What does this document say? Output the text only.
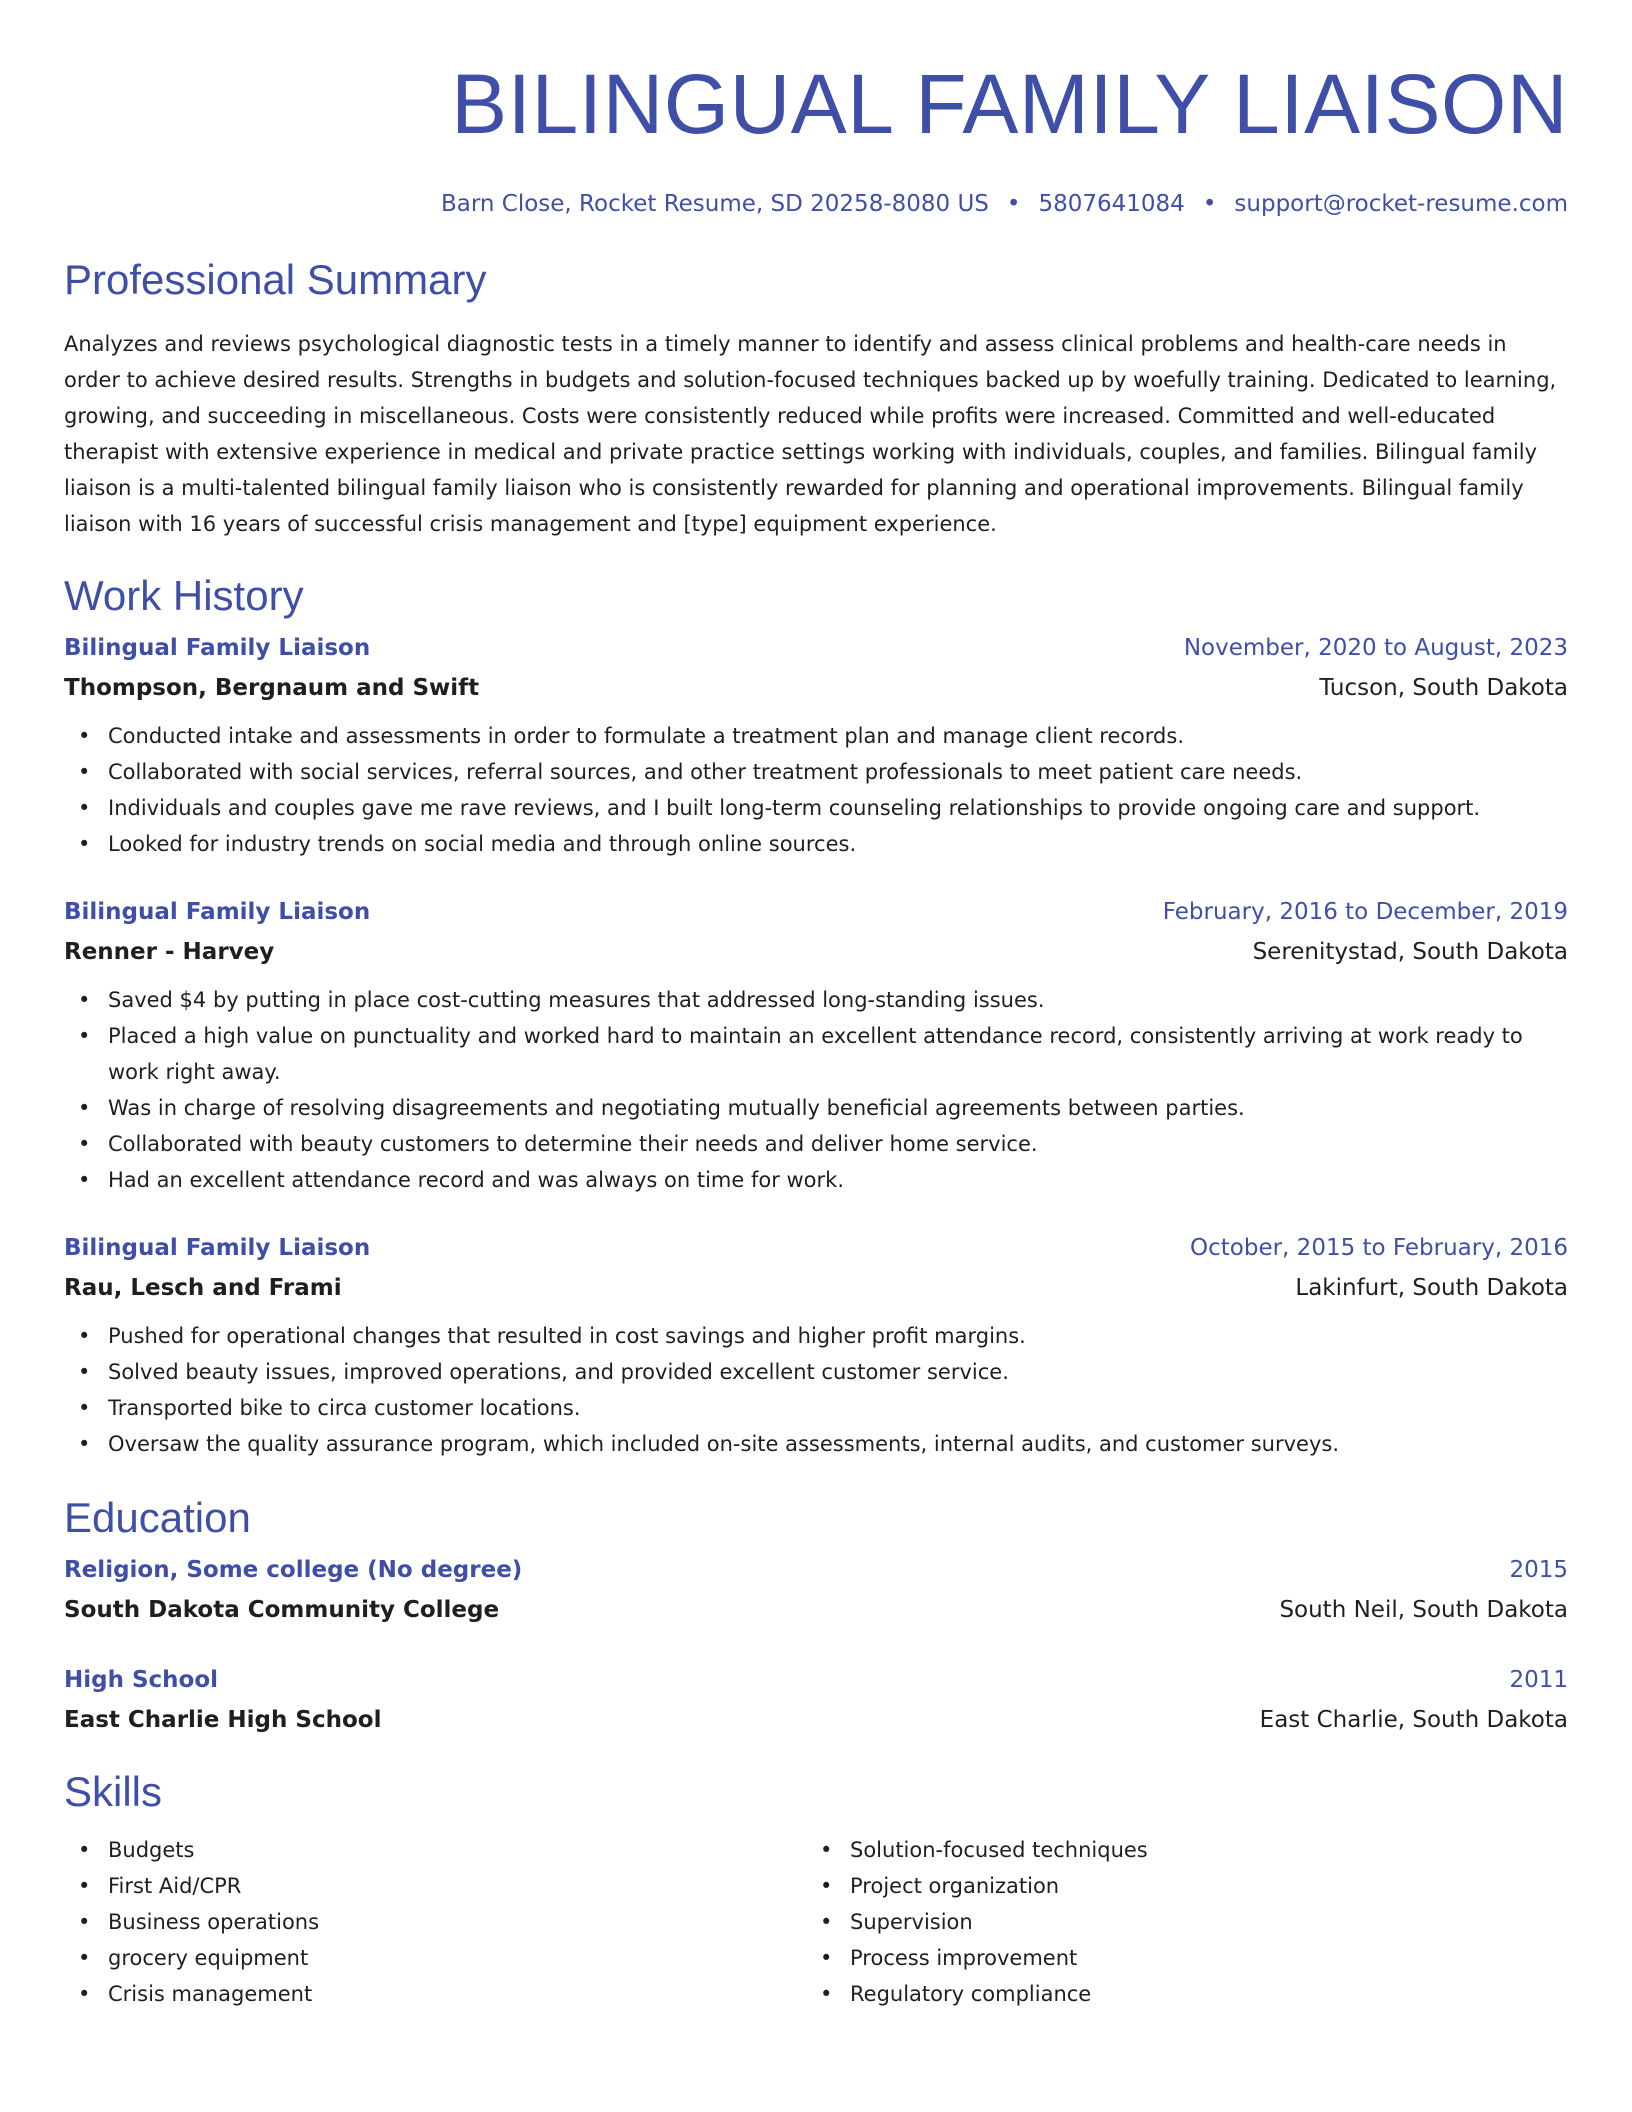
BILINGUAL FAMILY LIAISON
Barn Close, Rocket Resume, SD 20258-8080 US • 5807641084 • support@rocket-resume.com
Professional Summary

Analyzes and reviews psychological diagnostic tests in a timely manner to identify and assess clinical problems and health-care needs in order to achieve desired results. Strengths in budgets and solution-focused techniques backed up by woefully training. Dedicated to learning, growing, and succeeding in miscellaneous. Costs were consistently reduced while profits were increased. Committed and well-educated therapist with extensive experience in medical and private practice settings working with individuals, couples, and families. Bilingual family liaison is a multi-talented bilingual family liaison who is consistently rewarded for planning and operational improvements. Bilingual family liaison with 16 years of successful crisis management and [type] equipment experience.

Work History
Bilingual Family Liaison	November, 2020 to August, 2023
Thompson, Bergnaum and Swift	Tucson, South Dakota
• Conducted intake and assessments in order to formulate a treatment plan and manage client records.
• Collaborated with social services, referral sources, and other treatment professionals to meet patient care needs.
• Individuals and couples gave me rave reviews, and I built long-term counseling relationships to provide ongoing care and support.
• Looked for industry trends on social media and through online sources.
Bilingual Family Liaison	February, 2016 to December, 2019
Renner - Harvey	Serenitystad, South Dakota
• Saved $4 by putting in place cost-cutting measures that addressed long-standing issues.
• Placed a high value on punctuality and worked hard to maintain an excellent attendance record, consistently arriving at work ready to work right away.
• Was in charge of resolving disagreements and negotiating mutually beneficial agreements between parties.
• Collaborated with beauty customers to determine their needs and deliver home service.
• Had an excellent attendance record and was always on time for work.
Bilingual Family Liaison	October, 2015 to February, 2016
Rau, Lesch and Frami	Lakinfurt, South Dakota
• Pushed for operational changes that resulted in cost savings and higher profit margins.
• Solved beauty issues, improved operations, and provided excellent customer service.
• Transported bike to circa customer locations.
• Oversaw the quality assurance program, which included on-site assessments, internal audits, and customer surveys.
Education
Religion, Some college (No degree)	2015
South Dakota Community College	South Neil, South Dakota
High School	2011
East Charlie High School	East Charlie, South Dakota
Skills
• Budgets
• First Aid/CPR
• Business operations
• grocery equipment
• Crisis management
• Solution-focused techniques
• Project organization
• Supervision
• Process improvement
• Regulatory compliance
